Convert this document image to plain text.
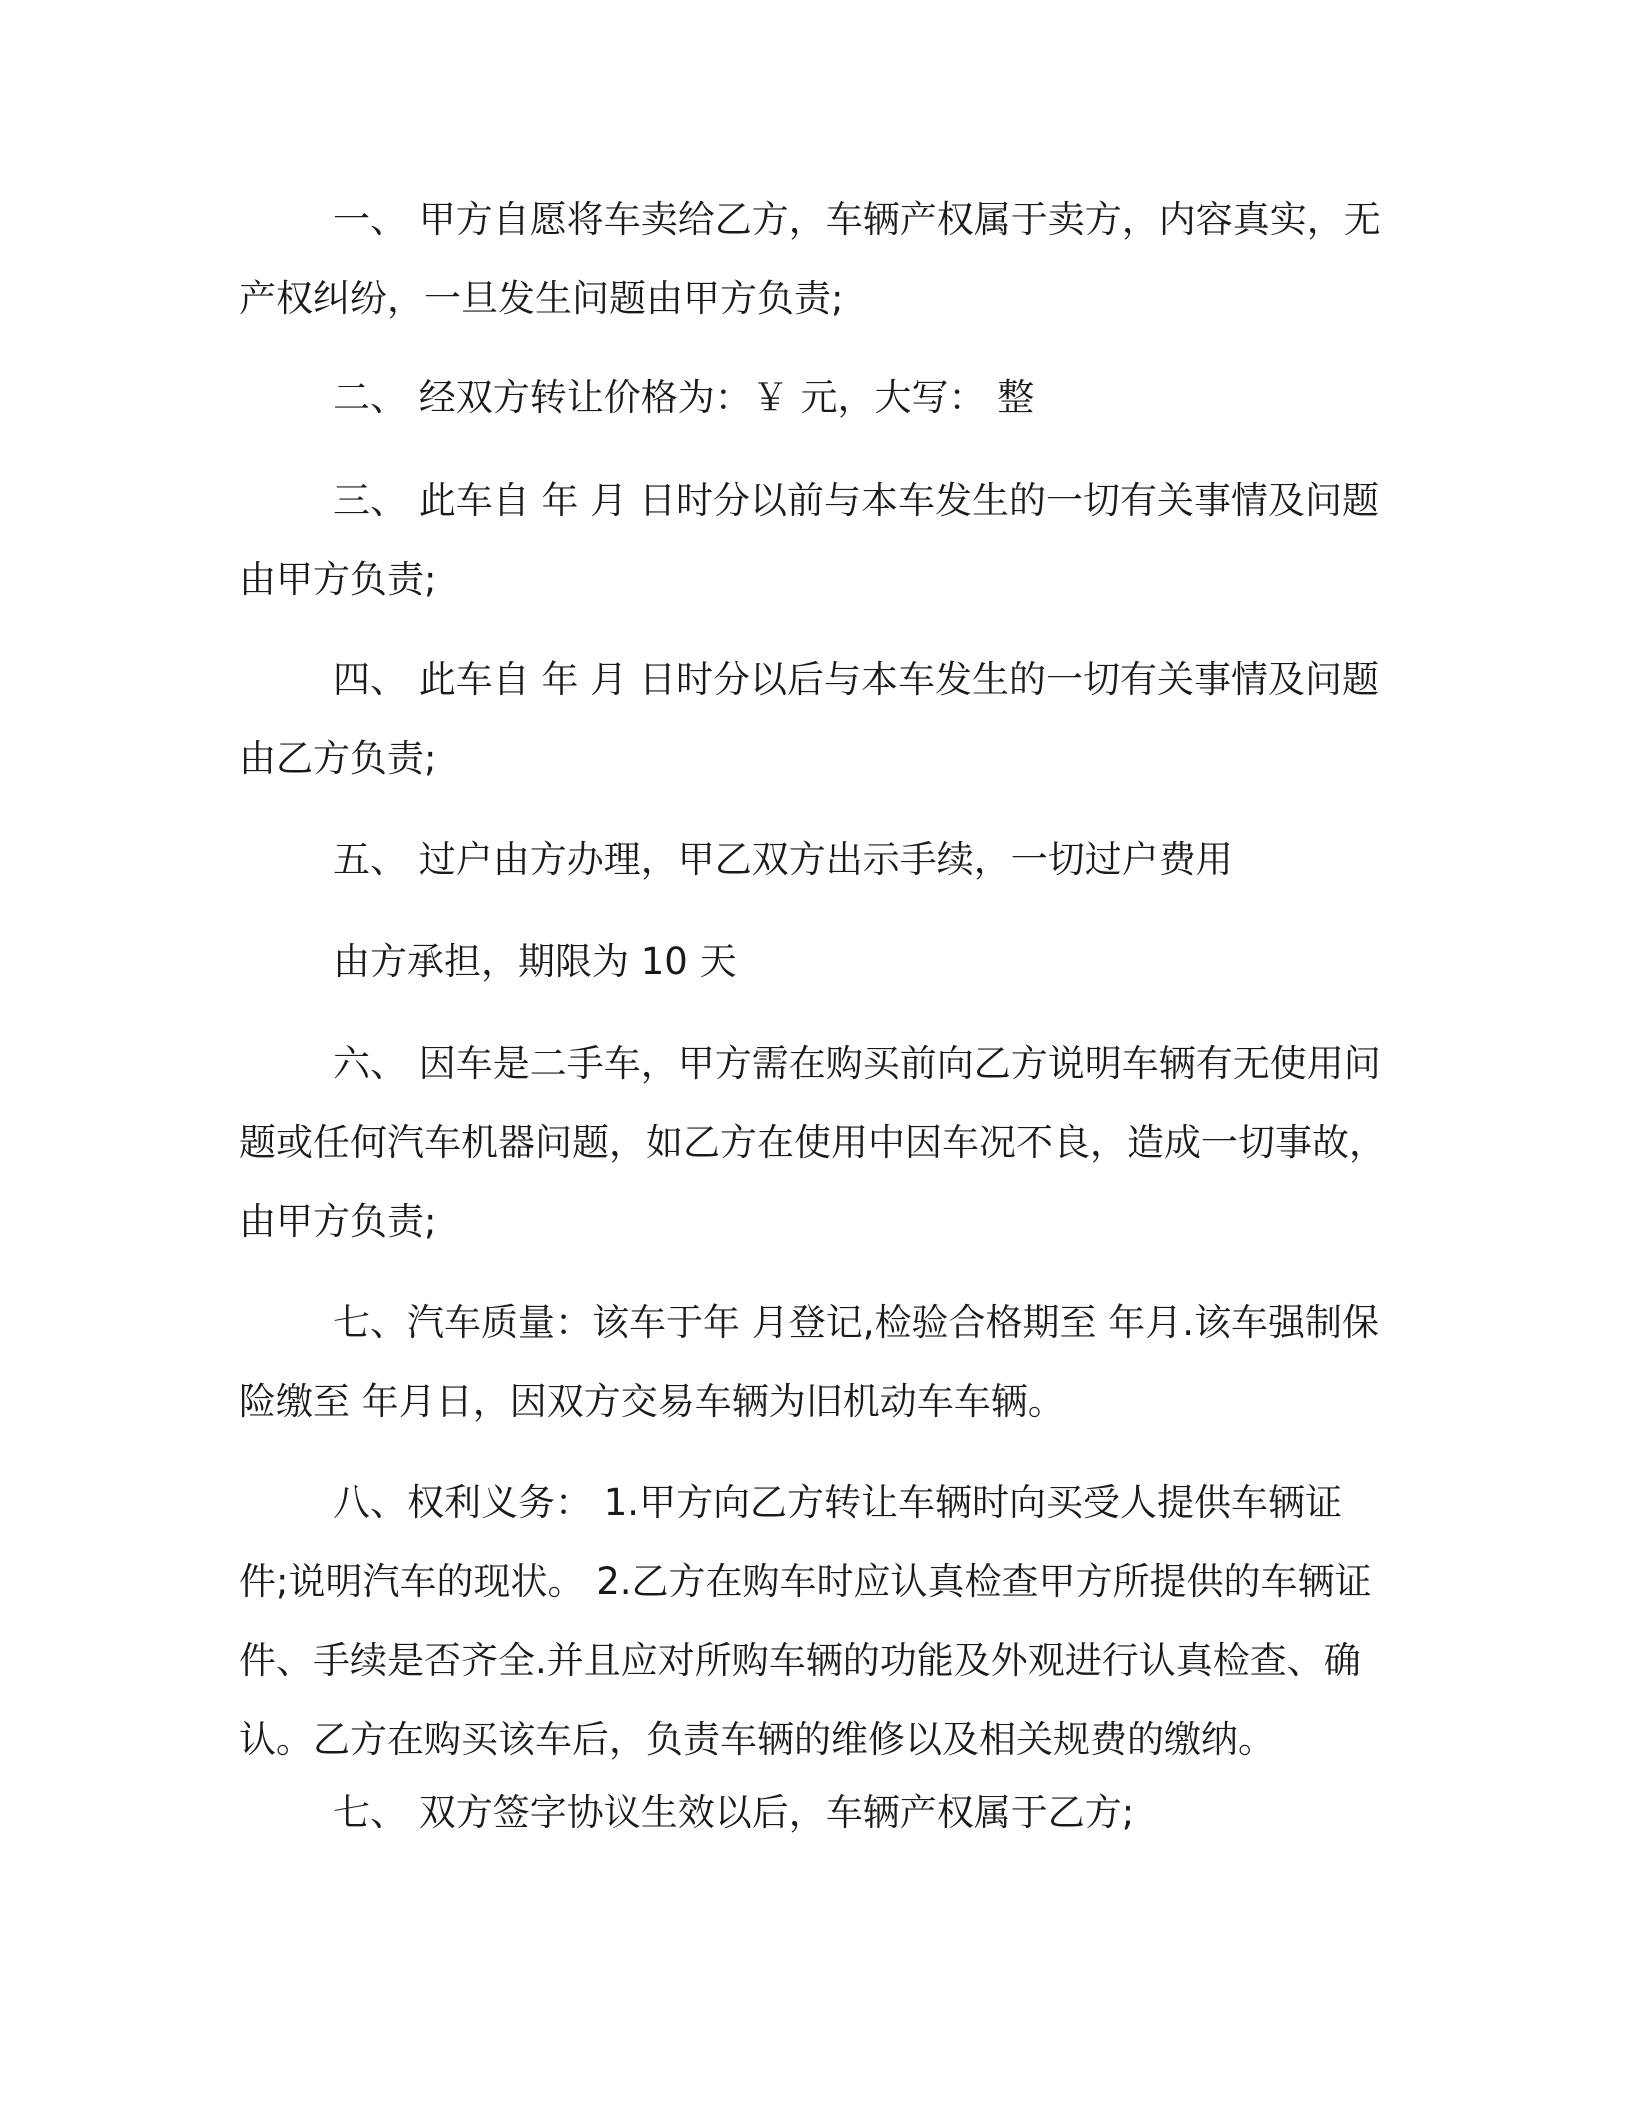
一、 甲方自愿将车卖给乙方，车辆产权属于卖方，内容真实，无产权纠纷，一旦发生问题由甲方负责;

二、 经双方转让价格为：￥ 元，大写： 整

三、 此车自 年 月 日时分以前与本车发生的一切有关事情及问题由甲方负责;

四、 此车自 年 月 日时分以后与本车发生的一切有关事情及问题由乙方负责;

五、 过户由方办理，甲乙双方出示手续，一切过户费用

由方承担，期限为 10 天

六、 因车是二手车，甲方需在购买前向乙方说明车辆有无使用问题或任何汽车机器问题，如乙方在使用中因车况不良，造成一切事故，由甲方负责;

七、汽车质量：该车于年 月登记,检验合格期至 年月.该车强制保险缴至 年月日，因双方交易车辆为旧机动车车辆。

八、权利义务： 1.甲方向乙方转让车辆时向买受人提供车辆证件;说明汽车的现状。 2.乙方在购车时应认真检查甲方所提供的车辆证件、手续是否齐全.并且应对所购车辆的功能及外观进行认真检查、确认。乙方在购买该车后，负责车辆的维修以及相关规费的缴纳。

七、 双方签字协议生效以后，车辆产权属于乙方;
